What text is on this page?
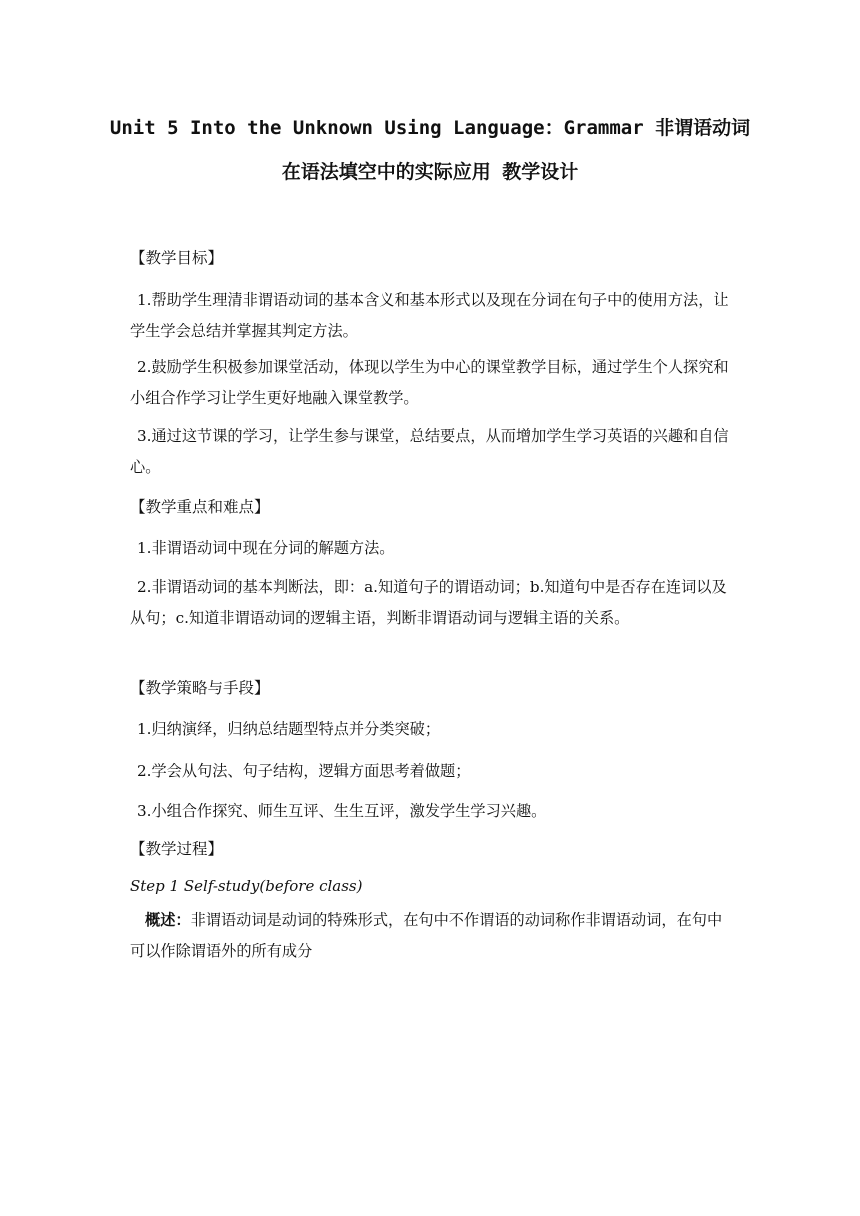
Unit 5 Into the Unknown Using Language：Grammar 非谓语动词
在语法填空中的实际应用 教学设计
【教学目标】
1.帮助学生理清非谓语动词的基本含义和基本形式以及现在分词在句子中的使用方法，让学生学会总结并掌握其判定方法。
2.鼓励学生积极参加课堂活动，体现以学生为中心的课堂教学目标，通过学生个人探究和小组合作学习让学生更好地融入课堂教学。
3.通过这节课的学习，让学生参与课堂，总结要点，从而增加学生学习英语的兴趣和自信心。
【教学重点和难点】
1.非谓语动词中现在分词的解题方法。
2.非谓语动词的基本判断法，即：a.知道句子的谓语动词；b.知道句中是否存在连词以及从句；c.知道非谓语动词的逻辑主语，判断非谓语动词与逻辑主语的关系。
【教学策略与手段】
1.归纳演绎，归纳总结题型特点并分类突破；
2.学会从句法、句子结构，逻辑方面思考着做题；
3.小组合作探究、师生互评、生生互评，激发学生学习兴趣。
【教学过程】
Step 1 Self-study(before class)
概述：非谓语动词是动词的特殊形式，在句中不作谓语的动词称作非谓语动词，在句中可以作除谓语外的所有成分
